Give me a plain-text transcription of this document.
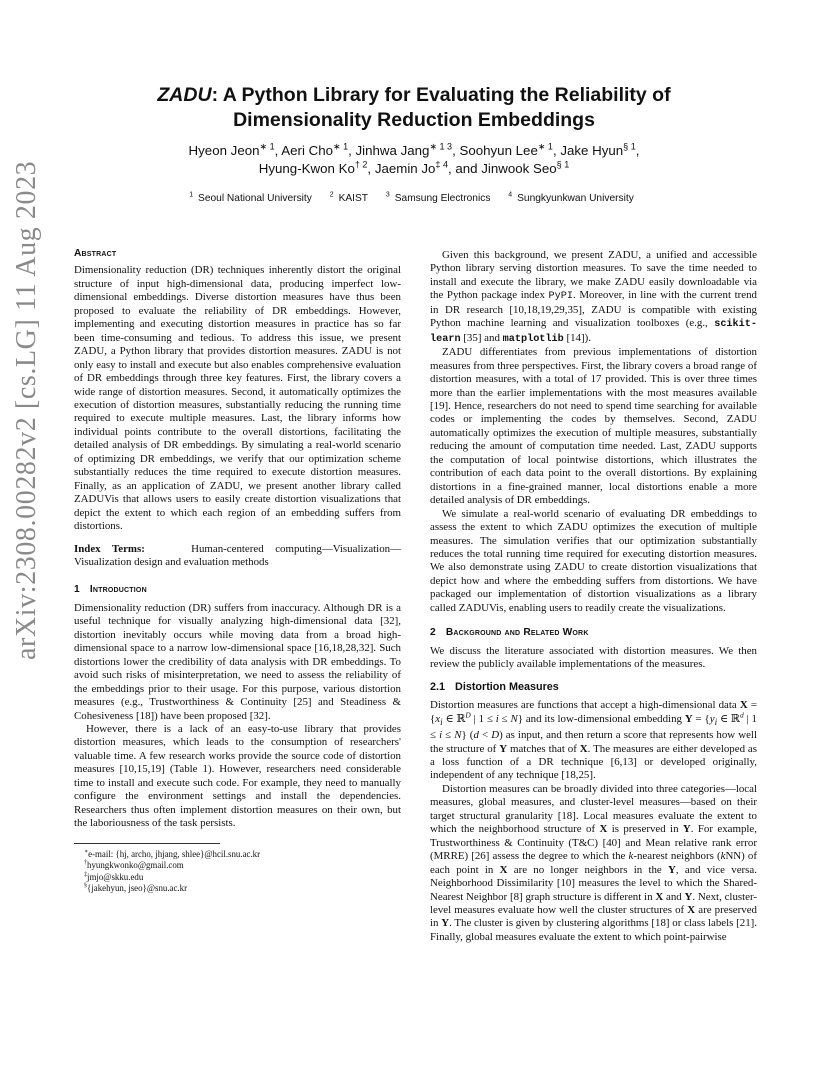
arXiv:2308.00282v2 [cs.LG] 11 Aug 2023
ZADU: A Python Library for Evaluating the Reliability of
Dimensionality Reduction Embeddings
Hyeon Jeon$^{∗ 1}$, Aeri Cho$^{∗ 1}$, Jinhwa Jang$^{∗ 1 3}$, Soohyun Lee$^{∗ 1}$, Jake Hyun$^{\S 1}$,
Hyung-Kwon Ko$^{\dagger 2}$, Jaemin Jo$^{\ddagger 4}$, and Jinwook Seo$^{\S 1}$
$^1$ Seoul National University	$^2$ KAIST	$^3$ Samsung Electronics	$^4$ Sungkyunkwan University
Abstract

Dimensionality reduction (DR) techniques inherently distort the original structure of input high-dimensional data, producing imperfect low-dimensional embeddings. Diverse distortion measures have thus been proposed to evaluate the reliability of DR embeddings. However, implementing and executing distortion measures in practice has so far been time-consuming and tedious. To address this issue, we present ZADU, a Python library that provides distortion measures. ZADU is not only easy to install and execute but also enables comprehensive evaluation of DR embeddings through three key features. First, the library covers a wide range of distortion measures. Second, it automatically optimizes the execution of distortion measures, substantially reducing the running time required to execute multiple measures. Last, the library informs how individual points contribute to the overall distortions, facilitating the detailed analysis of DR embeddings. By simulating a real-world scenario of optimizing DR embeddings, we verify that our optimization scheme substantially reduces the time required to execute distortion measures. Finally, as an application of ZADU, we present another library called ZADUVis that allows users to easily create distortion visualizations that depict the extent to which each region of an embedding suffers from distortions.

Index Terms:	Human-centered computing—Visualization—Visualization design and evaluation methods

1 Introduction

Dimensionality reduction (DR) suffers from inaccuracy. Although DR is a useful technique for visually analyzing high-dimensional data [32], distortion inevitably occurs while moving data from a broad high-dimensional space to a narrow low-dimensional space [16,18,28,32]. Such distortions lower the credibility of data analysis with DR embeddings. To avoid such risks of misinterpretation, we need to assess the reliability of the embeddings prior to their usage. For this purpose, various distortion measures (e.g., Trustworthiness & Continuity [25] and Steadiness & Cohesiveness [18]) have been proposed [32].

However, there is a lack of an easy-to-use library that provides distortion measures, which leads to the consumption of researchers' valuable time. A few research works provide the source code of distortion measures [10,15,19] (Table 1). However, researchers need considerable time to install and execute such code. For example, they need to manually configure the environment settings and install the dependencies. Researchers thus often implement distortion measures on their own, but the laboriousness of the task persists.

∗e-mail: {hj, archo, jhjang, shlee}@hcil.snu.ac.kr

†hyungkwonko@gmail.com

‡jmjo@skku.edu

§{jakehyun, jseo}@snu.ac.kr

Given this background, we present ZADU, a unified and accessible Python library serving distortion measures. To save the time needed to install and execute the library, we make ZADU easily downloadable via the Python package index PyPI. Moreover, in line with the current trend in DR research [10,18,19,29,35], ZADU is compatible with existing Python machine learning and visualization toolboxes (e.g., scikit-learn [35] and matplotlib [14]).

ZADU differentiates from previous implementations of distortion measures from three perspectives. First, the library covers a broad range of distortion measures, with a total of 17 provided. This is over three times more than the earlier implementations with the most measures available [19]. Hence, researchers do not need to spend time searching for available codes or implementing the codes by themselves. Second, ZADU automatically optimizes the execution of multiple measures, substantially reducing the amount of computation time needed. Last, ZADU supports the computation of local pointwise distortions, which illustrates the contribution of each data point to the overall distortions. By explaining distortions in a fine-grained manner, local distortions enable a more detailed analysis of DR embeddings.

We simulate a real-world scenario of evaluating DR embeddings to assess the extent to which ZADU optimizes the execution of multiple measures. The simulation verifies that our optimization substantially reduces the total running time required for executing distortion measures. We also demonstrate using ZADU to create distortion visualizations that depict how and where the embedding suffers from distortions. We have packaged our implementation of distortion visualizations as a library called ZADUVis, enabling users to readily create the visualizations.

2 Background and Related Work

We discuss the literature associated with distortion measures. We then review the publicly available implementations of the measures.

2.1 Distortion Measures

Distortion measures are functions that accept a high-dimensional data $X = \{x_i$ ∈ ℝ$^D$ | 1 ≤ i ≤ N} and its low-dimensional embedding $Y = \{y_i$ ∈ ℝ$^d$ | 1 ≤ i ≤ N} (d < D) as input, and then return a score that represents how well the structure of Y matches that of X. The measures are either developed as a loss function of a DR technique [6,13] or developed originally, independent of any technique [18,25].

Distortion measures can be broadly divided into three categories—local measures, global measures, and cluster-level measures—based on their target structural granularity [18]. Local measures evaluate the extent to which the neighborhood structure of X is preserved in Y. For example, Trustworthiness & Continuity (T&C) [40] and Mean relative rank error (MRRE) [26] assess the degree to which the k-nearest neighbors (kNN) of each point in X are no longer neighbors in the Y, and vice versa. Neighborhood Dissimilarity [10] measures the level to which the Shared-Nearest Neighbor [8] graph structure is different in X and Y. Next, cluster-level measures evaluate how well the cluster structures of X are preserved in Y. The cluster is given by clustering algorithms [18] or class labels [21]. Finally, global measures evaluate the extent to which point-pairwise
